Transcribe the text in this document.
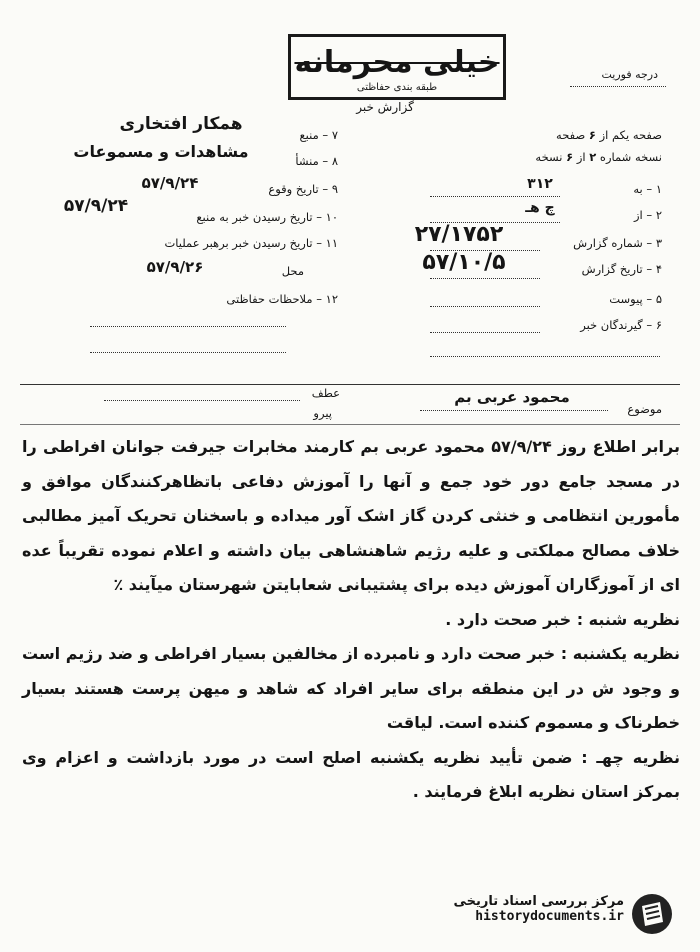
خیلی محرمانه
طبقه بندی حفاظتی
گزارش خبر
درجه فوریت
صفحه یکم از ۶ صفحه
نسخه شماره ۲ از ۶ نسخه
۱ – به
۳۱۲
۲ – از
چ هـ
۳ – شماره گزارش
۲۷/۱۷۵۲
۴ – تاریخ گزارش
۵۷/۱۰/۵
۵ – پیوست
۶ – گیرندگان خبر
۷ – منبع
همکار افتخاری
۸ – منشأ
مشاهدات و مسموعات
۹ – تاریخ وقوع
۵۷/۹/۲۴
۵۷/۹/۲۴
۱۰ – تاریخ رسیدن خبر به منبع
۱۱ – تاریخ رسیدن خبر برهبر عملیات
۵۷/۹/۲۶	محل
۱۲ – ملاحظات حفاظتی
عطف
پیرو
محمود عربی بم
موضوع

برابر اطلاع روز ۵۷/۹/۲۴ محمود عربی بم کارمند مخابرات جیرفت جوانان افراطی را در مسجد جامع دور خود جمع و آنها را آموزش دفاعی باتظاهرکنندگان موافق و مأمورین انتظامی و خنثی کردن گاز اشک آور میداده و باسخنان تحریک آمیز مطالبی خلاف مصالح مملکتی و علیه رژیم شاهنشاهی بیان داشته و اعلام نموده تقریباً عده ای از آموزگاران آموزش دیده برای پشتیبانی شعابایتن شهرستان میآیند ٪

نظریه شنبه : خبر صحت دارد .

نظریه یکشنبه : خبر صحت دارد و نامبرده از مخالفین بسیار افراطی و ضد رژیم است و وجود ش در این منطقه برای سایر افراد که شاهد و میهن پرست هستند بسیار خطرناک و مسموم کننده است. لیاقت

نظریه چهـ : ضمن تأیید نظریه یکشنبه اصلح است در مورد بازداشت و اعزام وی بمرکز استان نظریه ابلاغ فرمایند .

مرکز بررسی اسناد تاریخی
historydocuments.ir
